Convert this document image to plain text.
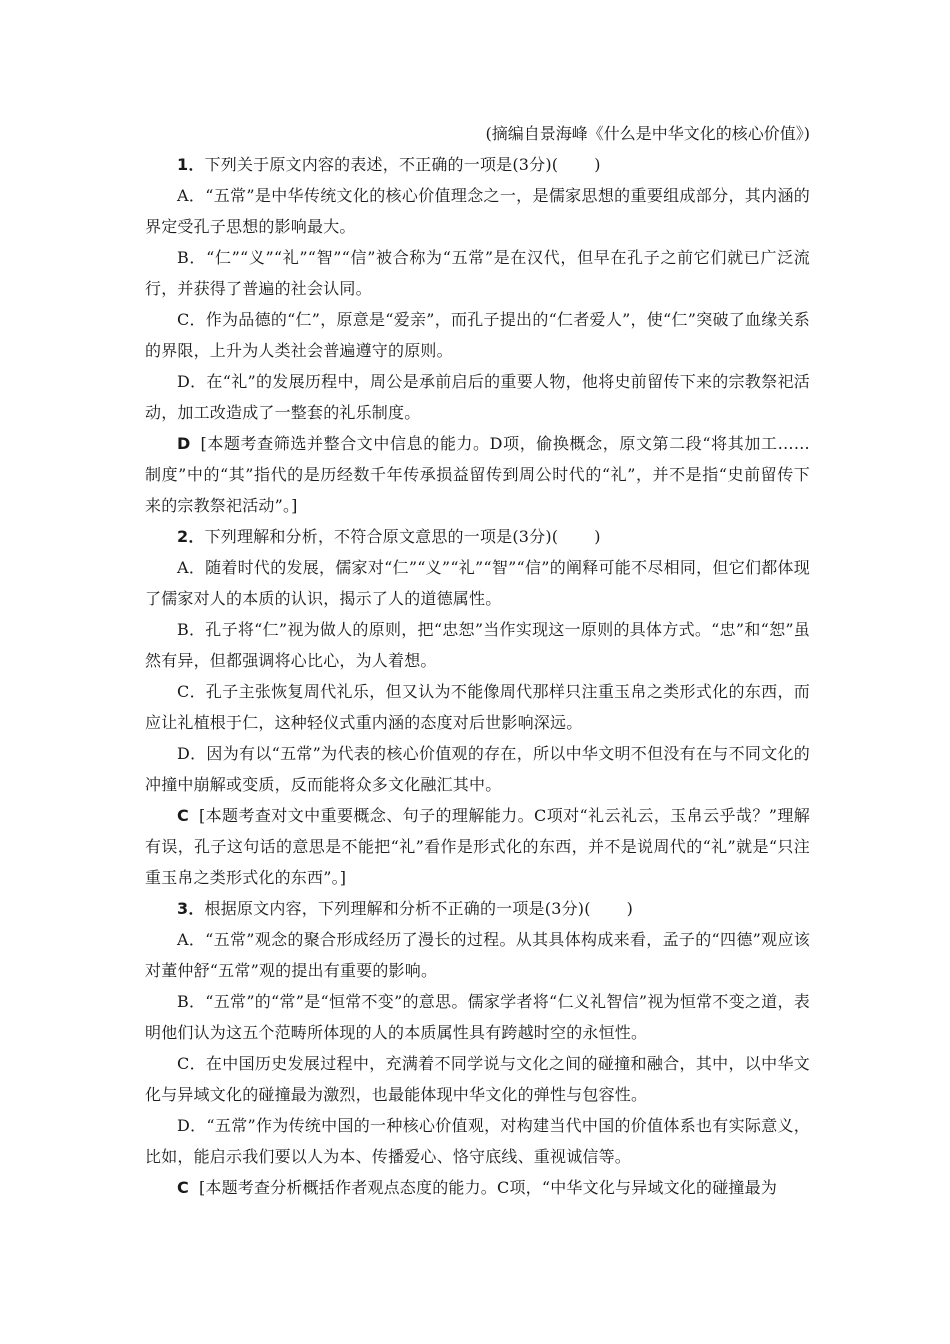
(摘编自景海峰《什么是中华文化的核心价值》)

1．下列关于原文内容的表述，不正确的一项是(3分)( )

A．“五常”是中华传统文化的核心价值理念之一，是儒家思想的重要组成部分，其内涵的界定受孔子思想的影响最大。

B．“仁”“义”“礼”“智”“信”被合称为“五常”是在汉代，但早在孔子之前它们就已广泛流行，并获得了普遍的社会认同。

C．作为品德的“仁”，原意是“爱亲”，而孔子提出的“仁者爱人”，使“仁”突破了血缘关系的界限，上升为人类社会普遍遵守的原则。

D．在“礼”的发展历程中，周公是承前启后的重要人物，他将史前留传下来的宗教祭祀活动，加工改造成了一整套的礼乐制度。

D [本题考查筛选并整合文中信息的能力。D项，偷换概念，原文第二段“将其加工……制度”中的“其”指代的是历经数千年传承损益留传到周公时代的“礼”，并不是指“史前留传下来的宗教祭祀活动”。]

2．下列理解和分析，不符合原文意思的一项是(3分)( )

A．随着时代的发展，儒家对“仁”“义”“礼”“智”“信”的阐释可能不尽相同，但它们都体现了儒家对人的本质的认识，揭示了人的道德属性。

B．孔子将“仁”视为做人的原则，把“忠恕”当作实现这一原则的具体方式。“忠”和“恕”虽然有异，但都强调将心比心，为人着想。

C．孔子主张恢复周代礼乐，但又认为不能像周代那样只注重玉帛之类形式化的东西，而应让礼植根于仁，这种轻仪式重内涵的态度对后世影响深远。

D．因为有以“五常”为代表的核心价值观的存在，所以中华文明不但没有在与不同文化的冲撞中崩解或变质，反而能将众多文化融汇其中。

C [本题考查对文中重要概念、句子的理解能力。C项对“礼云礼云，玉帛云乎哉？”理解有误，孔子这句话的意思是不能把“礼”看作是形式化的东西，并不是说周代的“礼”就是“只注重玉帛之类形式化的东西”。]

3．根据原文内容，下列理解和分析不正确的一项是(3分)( )

A．“五常”观念的聚合形成经历了漫长的过程。从其具体构成来看，孟子的“四德”观应该对董仲舒“五常”观的提出有重要的影响。

B．“五常”的“常”是“恒常不变”的意思。儒家学者将“仁义礼智信”视为恒常不变之道，表明他们认为这五个范畴所体现的人的本质属性具有跨越时空的永恒性。

C．在中国历史发展过程中，充满着不同学说与文化之间的碰撞和融合，其中，以中华文化与异域文化的碰撞最为激烈，也最能体现中华文化的弹性与包容性。

D．“五常”作为传统中国的一种核心价值观，对构建当代中国的价值体系也有实际意义，比如，能启示我们要以人为本、传播爱心、恪守底线、重视诚信等。

C [本题考查分析概括作者观点态度的能力。C项，“中华文化与异域文化的碰撞最为
